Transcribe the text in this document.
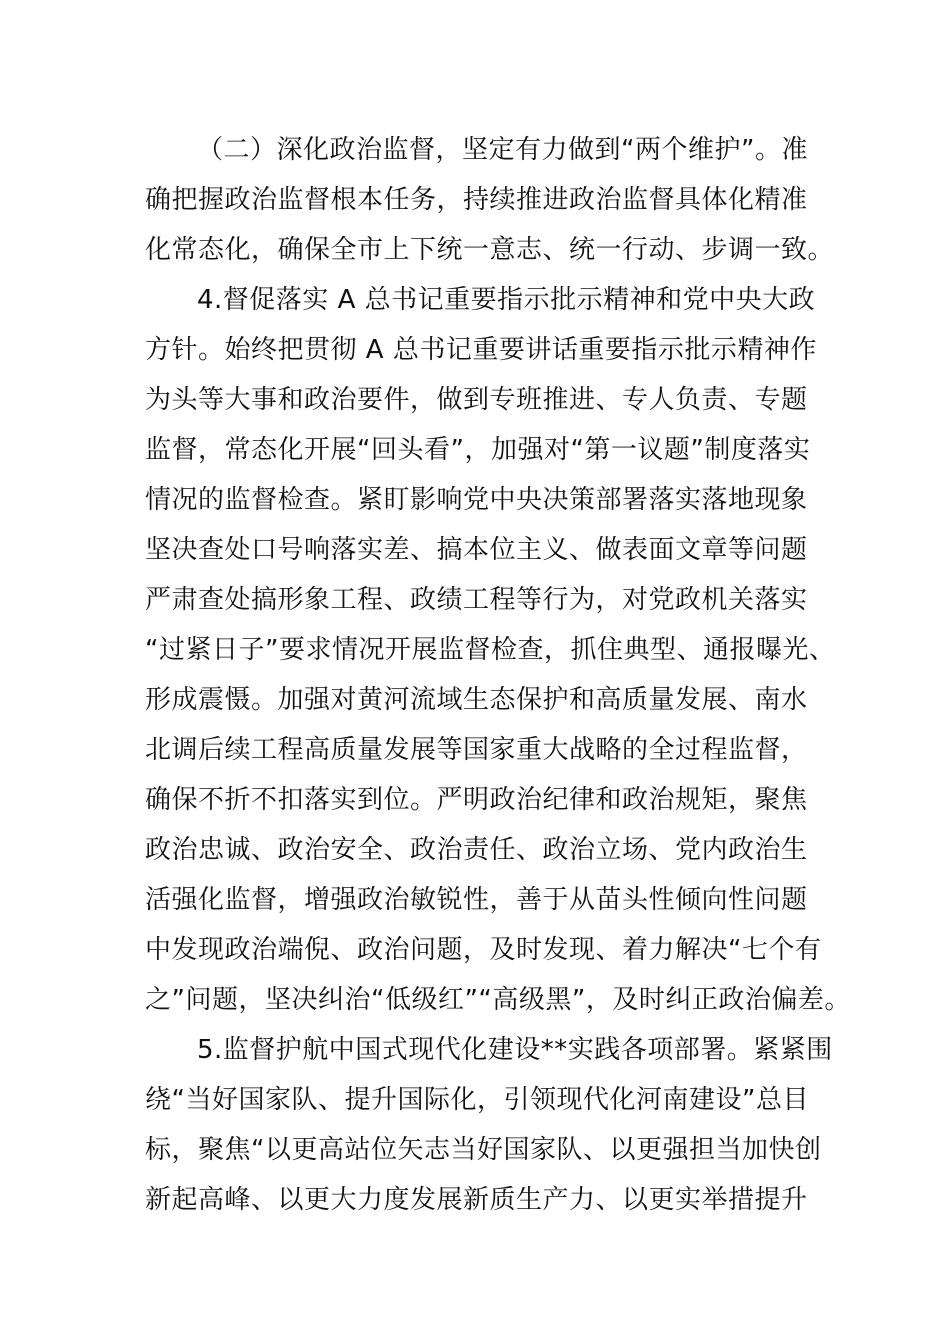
（二）深化政治监督，坚定有力做到“两个维护”。准
确把握政治监督根本任务，持续推进政治监督具体化精准
化常态化，确保全市上下统一意志、统一行动、步调一致。
4.督促落实 A 总书记重要指示批示精神和党中央大政
方针。始终把贯彻 A 总书记重要讲话重要指示批示精神作
为头等大事和政治要件，做到专班推进、专人负责、专题
监督，常态化开展“回头看”，加强对“第一议题”制度落实
情况的监督检查。紧盯影响党中央决策部署落实落地现象
坚决查处口号响落实差、搞本位主义、做表面文章等问题
严肃查处搞形象工程、政绩工程等行为，对党政机关落实
“过紧日子”要求情况开展监督检查，抓住典型、通报曝光、
形成震慑。加强对黄河流域生态保护和高质量发展、南水
北调后续工程高质量发展等国家重大战略的全过程监督，
确保不折不扣落实到位。严明政治纪律和政治规矩，聚焦
政治忠诚、政治安全、政治责任、政治立场、党内政治生
活强化监督，增强政治敏锐性，善于从苗头性倾向性问题
中发现政治端倪、政治问题，及时发现、着力解决“七个有
之”问题，坚决纠治“低级红”“高级黑”，及时纠正政治偏差。
5.监督护航中国式现代化建设**实践各项部署。紧紧围
绕“当好国家队、提升国际化，引领现代化河南建设”总目
标，聚焦“以更高站位矢志当好国家队、以更强担当加快创
新起高峰、以更大力度发展新质生产力、以更实举措提升
